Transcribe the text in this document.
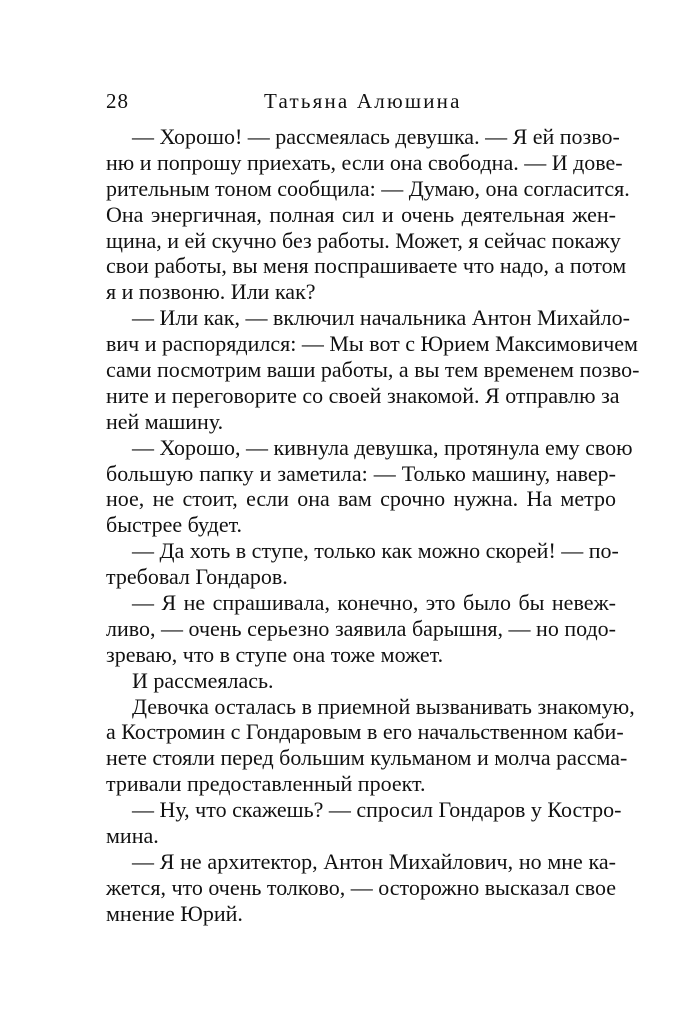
28	Татьяна Алюшина
— Хорошо! — рассмеялась девушка. — Я ей позво-
ню и попрошу приехать, если она свободна. — И дове-
рительным тоном сообщила: — Думаю, она согласится.
Она энергичная, полная сил и очень деятельная жен-
щина, и ей скучно без работы. Может, я сейчас покажу
свои работы, вы меня поспрашиваете что надо, а потом
я и позвоню. Или как?
— Или как, — включил начальника Антон Михайло-
вич и распорядился: — Мы вот с Юрием Максимовичем
сами посмотрим ваши работы, а вы тем временем позво-
ните и переговорите со своей знакомой. Я отправлю за
ней машину.
— Хорошо, — кивнула девушка, протянула ему свою
большую папку и заметила: — Только машину, навер-
ное, не стоит, если она вам срочно нужна. На метро
быстрее будет.
— Да хоть в ступе, только как можно скорей! — по-
требовал Гондаров.
— Я не спрашивала, конечно, это было бы невеж-
ливо, — очень серьезно заявила барышня, — но подо-
зреваю, что в ступе она тоже может.
И рассмеялась.
Девочка осталась в приемной вызванивать знакомую,
а Костромин с Гондаровым в его начальственном каби-
нете стояли перед большим кульманом и молча рассма-
тривали предоставленный проект.
— Ну, что скажешь? — спросил Гондаров у Костро-
мина.
— Я не архитектор, Антон Михайлович, но мне ка-
жется, что очень толково, — осторожно высказал свое
мнение Юрий.
